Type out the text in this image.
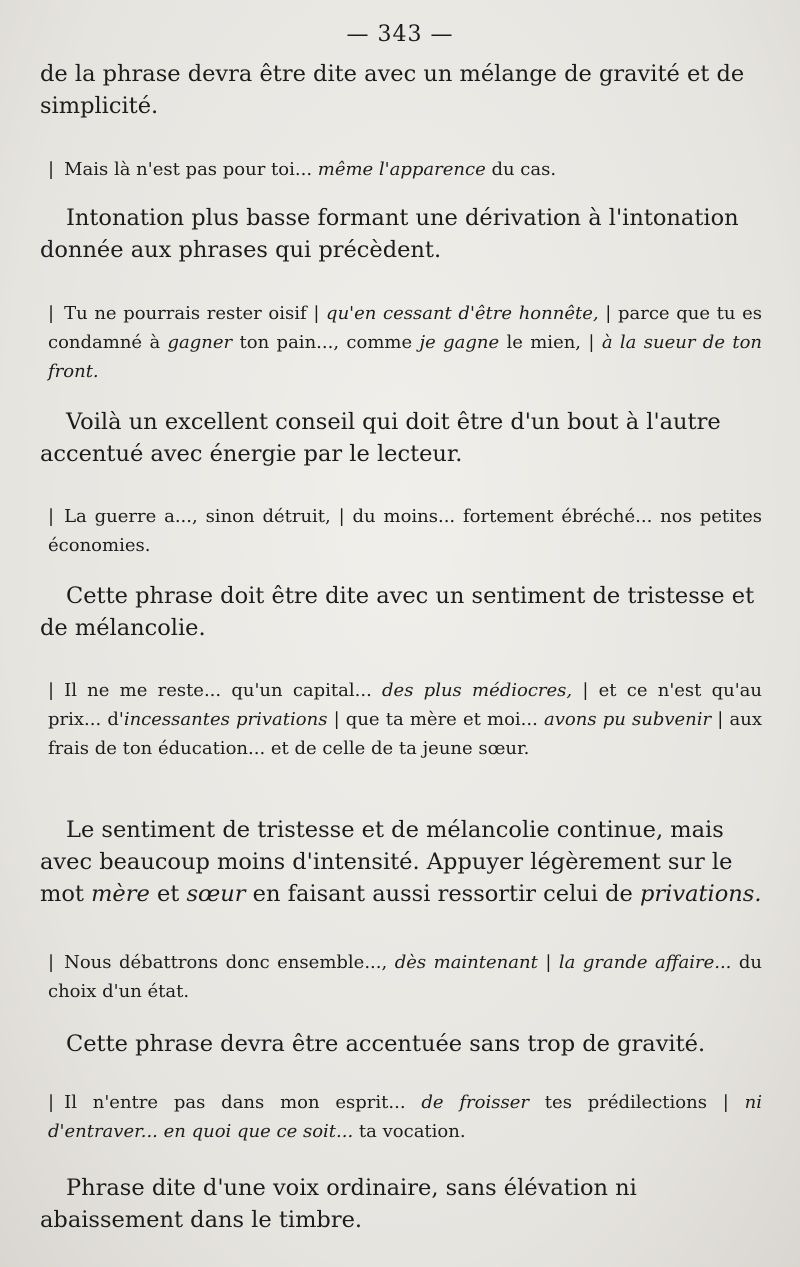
— 343 —

de la phrase devra être dite avec un mélange de gravité et de simplicité.

| Mais là n'est pas pour toi... même l'apparence du cas.

Intonation plus basse formant une dérivation à l'intonation donnée aux phrases qui précèdent.

| Tu ne pourrais rester oisif | qu'en cessant d'être honnête, | parce que tu es condamné à gagner ton pain..., comme je gagne le mien, | à la sueur de ton front.

Voilà un excellent conseil qui doit être d'un bout à l'autre accentué avec énergie par le lecteur.

| La guerre a..., sinon détruit, | du moins... fortement ébréché... nos petites économies.

Cette phrase doit être dite avec un sentiment de tristesse et de mélancolie.

| Il ne me reste... qu'un capital... des plus médiocres, | et ce n'est qu'au prix... d'incessantes privations | que ta mère et moi... avons pu subvenir | aux frais de ton éducation... et de celle de ta jeune sœur.

Le sentiment de tristesse et de mélancolie continue, mais avec beaucoup moins d'intensité. Appuyer légèrement sur le mot mère et sœur en faisant aussi ressortir celui de privations.

| Nous débattrons donc ensemble..., dès maintenant | la grande affaire... du choix d'un état.

Cette phrase devra être accentuée sans trop de gravité.

| Il n'entre pas dans mon esprit... de froisser tes prédilections | ni d'entraver... en quoi que ce soit... ta vocation.

Phrase dite d'une voix ordinaire, sans élévation ni abaissement dans le timbre.
